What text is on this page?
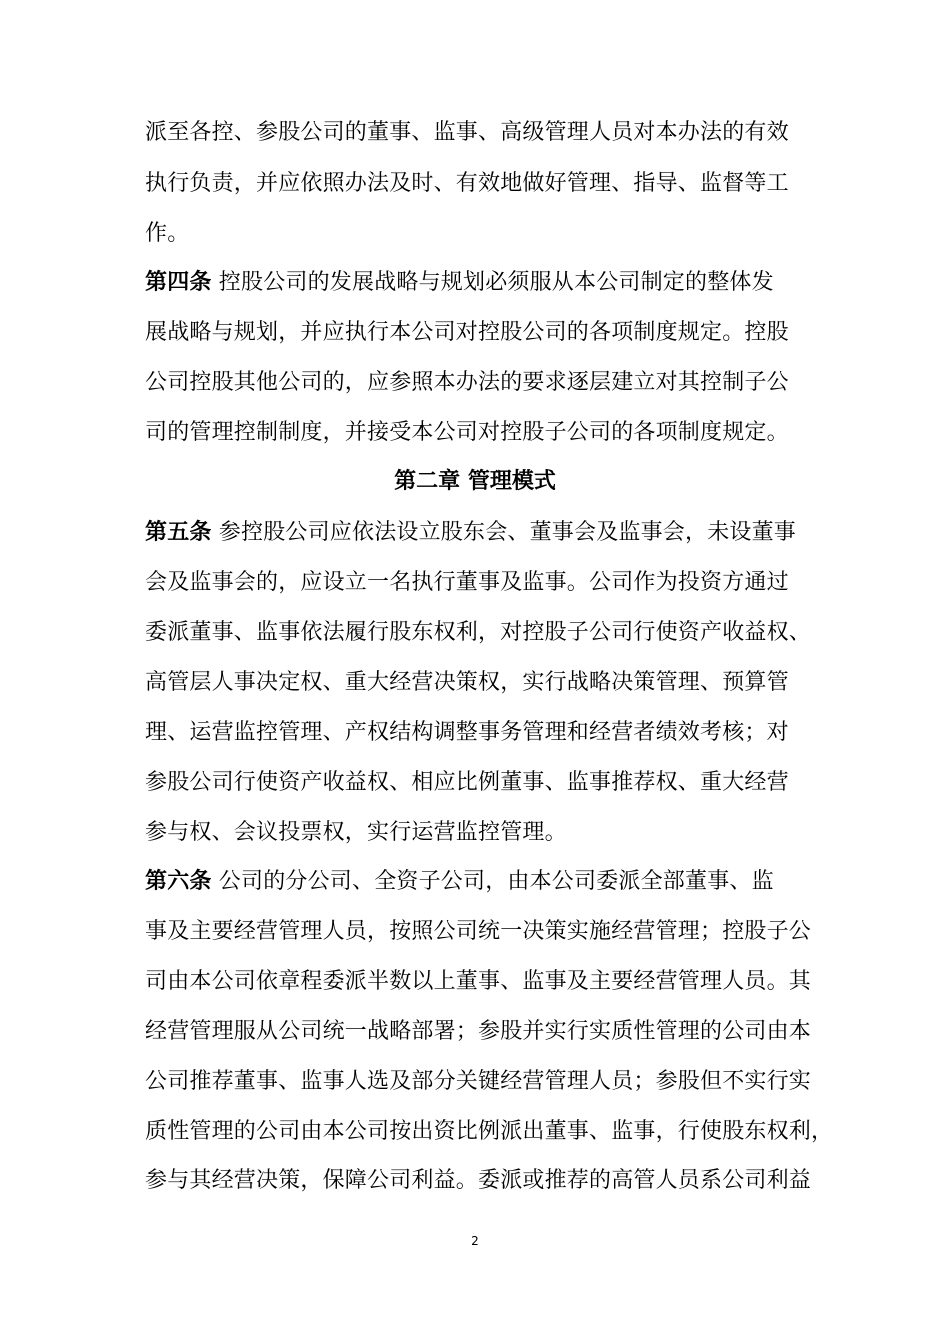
派至各控、参股公司的董事、监事、高级管理人员对本办法的有效
执行负责，并应依照办法及时、有效地做好管理、指导、监督等工
作。
第四条 控股公司的发展战略与规划必须服从本公司制定的整体发
展战略与规划，并应执行本公司对控股公司的各项制度规定。控股
公司控股其他公司的，应参照本办法的要求逐层建立对其控制子公
司的管理控制制度，并接受本公司对控股子公司的各项制度规定。
第二章 管理模式
第五条 参控股公司应依法设立股东会、董事会及监事会，未设董事
会及监事会的，应设立一名执行董事及监事。公司作为投资方通过
委派董事、监事依法履行股东权利，对控股子公司行使资产收益权、
高管层人事决定权、重大经营决策权，实行战略决策管理、预算管
理、运营监控管理、产权结构调整事务管理和经营者绩效考核；对
参股公司行使资产收益权、相应比例董事、监事推荐权、重大经营
参与权、会议投票权，实行运营监控管理。
第六条 公司的分公司、全资子公司，由本公司委派全部董事、监
事及主要经营管理人员，按照公司统一决策实施经营管理；控股子公
司由本公司依章程委派半数以上董事、监事及主要经营管理人员。其
经营管理服从公司统一战略部署；参股并实行实质性管理的公司由本
公司推荐董事、监事人选及部分关键经营管理人员；参股但不实行实
质性管理的公司由本公司按出资比例派出董事、监事，行使股东权利，
参与其经营决策，保障公司利益。委派或推荐的高管人员系公司利益
2
